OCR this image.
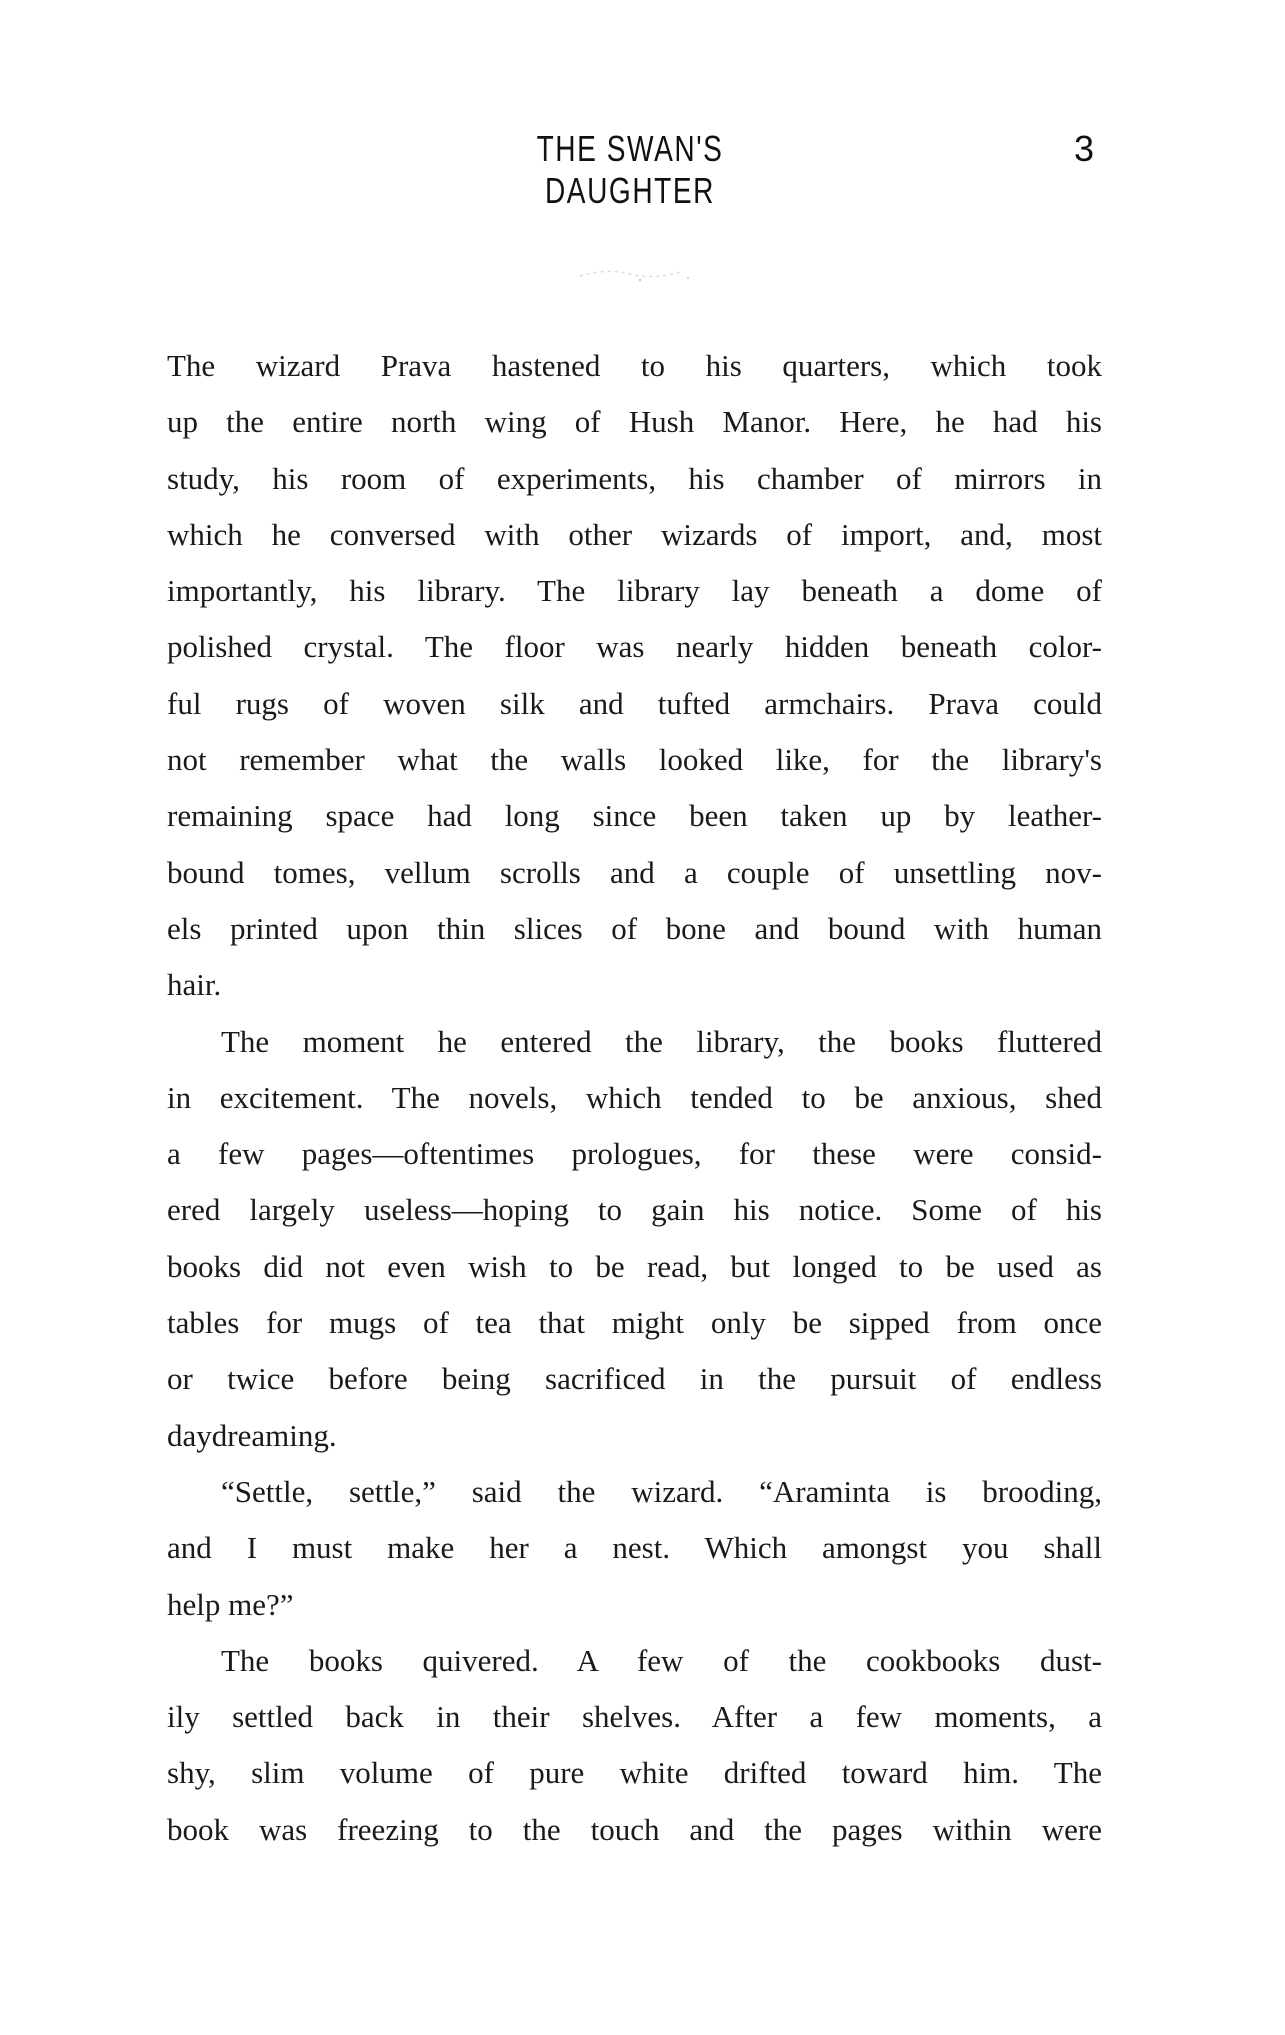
THE SWAN'S DAUGHTER
3
The wizard Prava hastened to his quarters, which took
up the entire north wing of Hush Manor. Here, he had his
study, his room of experiments, his chamber of mirrors in
which he conversed with other wizards of import, and, most
importantly, his library. The library lay beneath a dome of
polished crystal. The floor was nearly hidden beneath color-
ful rugs of woven silk and tufted armchairs. Prava could
not remember what the walls looked like, for the library's
remaining space had long since been taken up by leather-
bound tomes, vellum scrolls and a couple of unsettling nov-
els printed upon thin slices of bone and bound with human
hair.
The moment he entered the library, the books fluttered
in excitement. The novels, which tended to be anxious, shed
a few pages—oftentimes prologues, for these were consid-
ered largely useless—hoping to gain his notice. Some of his
books did not even wish to be read, but longed to be used as
tables for mugs of tea that might only be sipped from once
or twice before being sacrificed in the pursuit of endless
daydreaming.
“Settle, settle,” said the wizard. “Araminta is brooding,
and I must make her a nest. Which amongst you shall
help me?”
The books quivered. A few of the cookbooks dust-
ily settled back in their shelves. After a few moments, a
shy, slim volume of pure white drifted toward him. The
book was freezing to the touch and the pages within were
